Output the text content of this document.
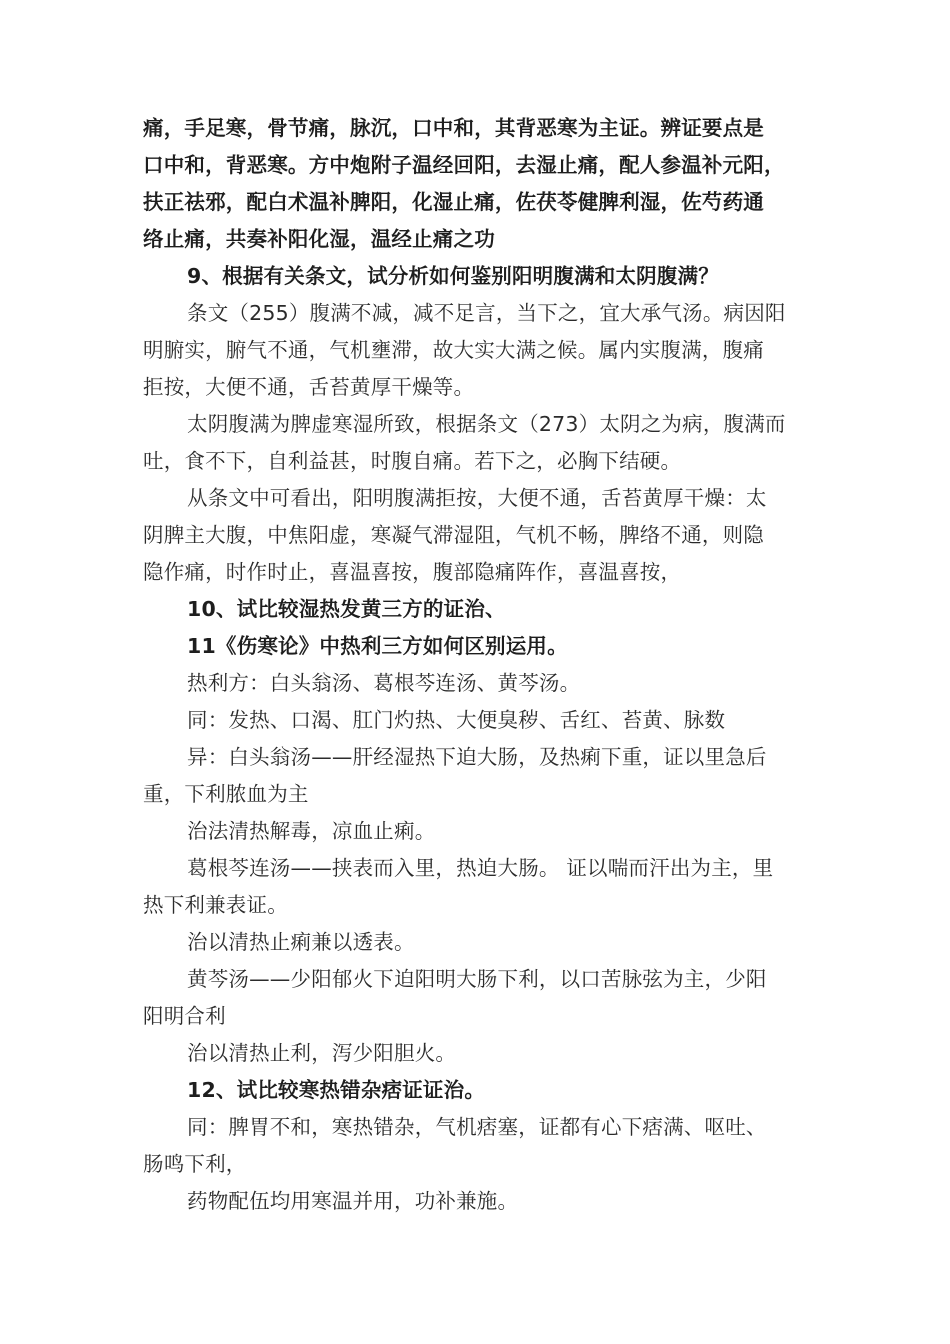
痛，手足寒，骨节痛，脉沉，口中和，其背恶寒为主证。辨证要点是
口中和，背恶寒。方中炮附子温经回阳，去湿止痛，配人参温补元阳，
扶正祛邪，配白术温补脾阳，化湿止痛，佐茯苓健脾利湿，佐芍药通
络止痛，共奏补阳化湿，温经止痛之功
9、根据有关条文，试分析如何鉴别阳明腹满和太阴腹满？
条文（255）腹满不减，减不足言，当下之，宜大承气汤。病因阳
明腑实，腑气不通，气机壅滞，故大实大满之候。属内实腹满，腹痛
拒按，大便不通，舌苔黄厚干燥等。
太阴腹满为脾虚寒湿所致，根据条文（273）太阴之为病，腹满而
吐，食不下，自利益甚，时腹自痛。若下之，必胸下结硬。
从条文中可看出，阳明腹满拒按，大便不通，舌苔黄厚干燥：太
阴脾主大腹，中焦阳虚，寒凝气滞湿阻，气机不畅，脾络不通，则隐
隐作痛，时作时止，喜温喜按，腹部隐痛阵作，喜温喜按，
10、试比较湿热发黄三方的证治、
11《伤寒论》中热利三方如何区别运用。
热利方：白头翁汤、葛根芩连汤、黄芩汤。
同：发热、口渴、肛门灼热、大便臭秽、舌红、苔黄、脉数
异：白头翁汤——肝经湿热下迫大肠，及热痢下重，证以里急后
重，下利脓血为主
治法清热解毒，凉血止痢。
葛根芩连汤——挟表而入里，热迫大肠。 证以喘而汗出为主，里
热下利兼表证。
治以清热止痢兼以透表。
黄芩汤——少阳郁火下迫阳明大肠下利，以口苦脉弦为主，少阳
阳明合利
治以清热止利，泻少阳胆火。
12、试比较寒热错杂痞证证治。
同：脾胃不和，寒热错杂，气机痞塞，证都有心下痞满、呕吐、
肠鸣下利，
药物配伍均用寒温并用，功补兼施。
